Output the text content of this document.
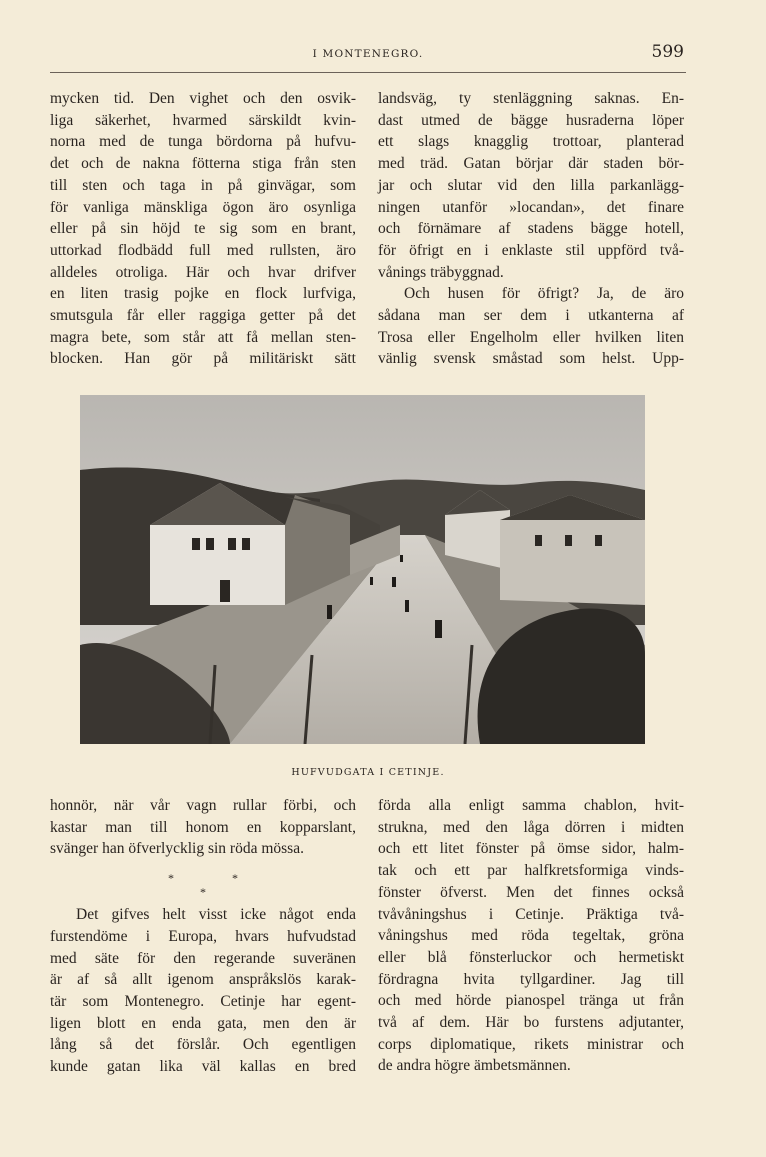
I MONTENEGRO.	599

mycken tid. Den vighet och den osvik-

liga säkerhet, hvarmed särskildt kvin-

norna med de tunga bördorna på hufvu-

det och de nakna fötterna stiga från sten

till sten och taga in på ginvägar, som

för vanliga mänskliga ögon äro osynliga

eller på sin höjd te sig som en brant,

uttorkad flodbädd full med rullsten, äro

alldeles otroliga. Här och hvar drifver

en liten trasig pojke en flock lurfviga,

smutsgula får eller raggiga getter på det

magra bete, som står att få mellan sten-

blocken. Han gör på militäriskt sätt

landsväg, ty stenläggning saknas. En-

dast utmed de bägge husraderna löper

ett slags knagglig trottoar, planterad

med träd. Gatan börjar där staden bör-

jar och slutar vid den lilla parkanlägg-

ningen utanför »locandan», det finare

och förnämare af stadens bägge hotell,

för öfrigt en i enklaste stil uppförd två-

vånings träbyggnad.

Och husen för öfrigt? Ja, de äro

sådana man ser dem i utkanterna af

Trosa eller Engelholm eller hvilken liten

vänlig svensk småstad som helst. Upp-

HUFVUDGATA I CETINJE.

honnör, när vår vagn rullar förbi, och

kastar man till honom en kopparslant,

svänger han öfverlycklig sin röda mössa.

*	*
*

Det gifves helt visst icke något enda

furstendöme i Europa, hvars hufvudstad

med säte för den regerande suveränen

är af så allt igenom anspråkslös karak-

tär som Montenegro. Cetinje har egent-

ligen blott en enda gata, men den är

lång så det förslår. Och egentligen

kunde gatan lika väl kallas en bred

förda alla enligt samma chablon, hvit-

strukna, med den låga dörren i midten

och ett litet fönster på ömse sidor, halm-

tak och ett par halfkretsformiga vinds-

fönster öfverst. Men det finnes också

tvåvåningshus i Cetinje. Präktiga två-

våningshus med röda tegeltak, gröna

eller blå fönsterluckor och hermetiskt

fördragna hvita tyllgardiner. Jag till

och med hörde pianospel tränga ut från

två af dem. Här bo furstens adjutanter,

corps diplomatique, rikets ministrar och

de andra högre ämbetsmännen.
